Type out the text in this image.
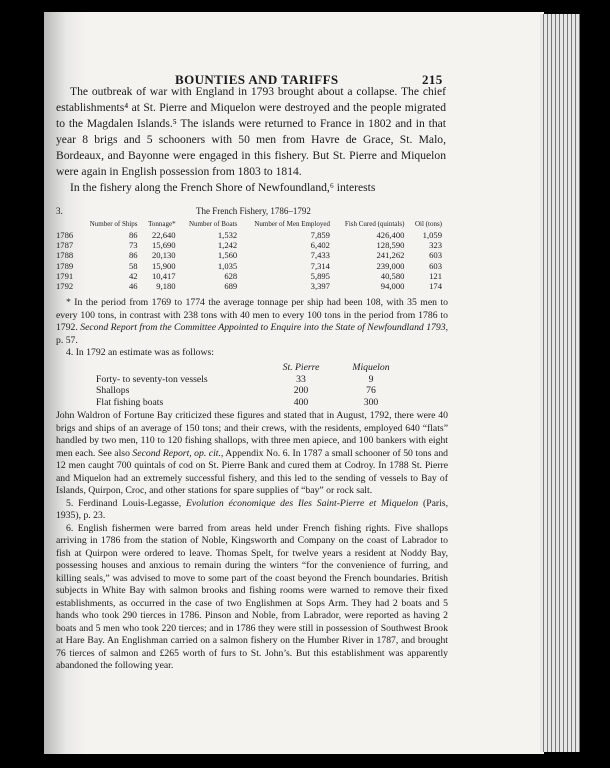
BOUNTIES AND TARIFFS	215

The outbreak of war with England in 1793 brought about a collapse. The chief establishments⁴ at St. Pierre and Miquelon were destroyed and the people migrated to the Magdalen Islands.⁵ The islands were returned to France in 1802 and in that year 8 brigs and 5 schooners with 50 men from Havre de Grace, St. Malo, Bordeaux, and Bayonne were engaged in this fishery. But St. Pierre and Miquelon were again in English possession from 1803 to 1814.

In the fishery along the French Shore of Newfoundland,⁶ interests

3.	The French Fishery, 1786–1792
	Number of Ships	Tonnage*	Number of Boats	Number of Men Employed	Fish Cured (quintals)	Oil (tons)
1786	86	22,640	1,532	7,859	426,400	1,059
1787	73	15,690	1,242	6,402	128,590	323
1788	86	20,130	1,560	7,433	241,262	603
1789	58	15,900	1,035	7,314	239,000	603
1791	42	10,417	628	5,895	40,580	121
1792	46	9,180	689	3,397	94,000	174

* In the period from 1769 to 1774 the average tonnage per ship had been 108, with 35 men to every 100 tons, in contrast with 238 tons with 40 men to every 100 tons in the period from 1786 to 1792. Second Report from the Committee Appointed to Enquire into the State of Newfoundland 1793, p. 57.

4. In 1792 an estimate was as follows:

	St. Pierre	Miquelon
Forty- to seventy-ton vessels	33	9
Shallops	200	76
Flat fishing boats	400	300

John Waldron of Fortune Bay criticized these figures and stated that in August, 1792, there were 40 brigs and ships of an average of 150 tons; and their crews, with the residents, employed 640 “flats” handled by two men, 110 to 120 fishing shallops, with three men apiece, and 100 bankers with eight men each. See also Second Report, op. cit., Appendix No. 6. In 1787 a small schooner of 50 tons and 12 men caught 700 quintals of cod on St. Pierre Bank and cured them at Codroy. In 1788 St. Pierre and Miquelon had an extremely successful fishery, and this led to the sending of vessels to Bay of Islands, Quirpon, Croc, and other stations for spare supplies of “bay” or rock salt.

5. Ferdinand Louis-Legasse, Evolution économique des Iles Saint-Pierre et Miquelon (Paris, 1935), p. 23.

6. English fishermen were barred from areas held under French fishing rights. Five shallops arriving in 1786 from the station of Noble, Kingsworth and Company on the coast of Labrador to fish at Quirpon were ordered to leave. Thomas Spelt, for twelve years a resident at Noddy Bay, possessing houses and anxious to remain during the winters “for the convenience of furring, and killing seals,” was advised to move to some part of the coast beyond the French boundaries. British subjects in White Bay with salmon brooks and fishing rooms were warned to remove their fixed establishments, as occurred in the case of two Englishmen at Sops Arm. They had 2 boats and 5 hands who took 290 tierces in 1786. Pinson and Noble, from Labrador, were reported as having 2 boats and 5 men who took 220 tierces; and in 1786 they were still in possession of Southwest Brook at Hare Bay. An Englishman carried on a salmon fishery on the Humber River in 1787, and brought 76 tierces of salmon and £265 worth of furs to St. John’s. But this establishment was apparently abandoned the following year.
